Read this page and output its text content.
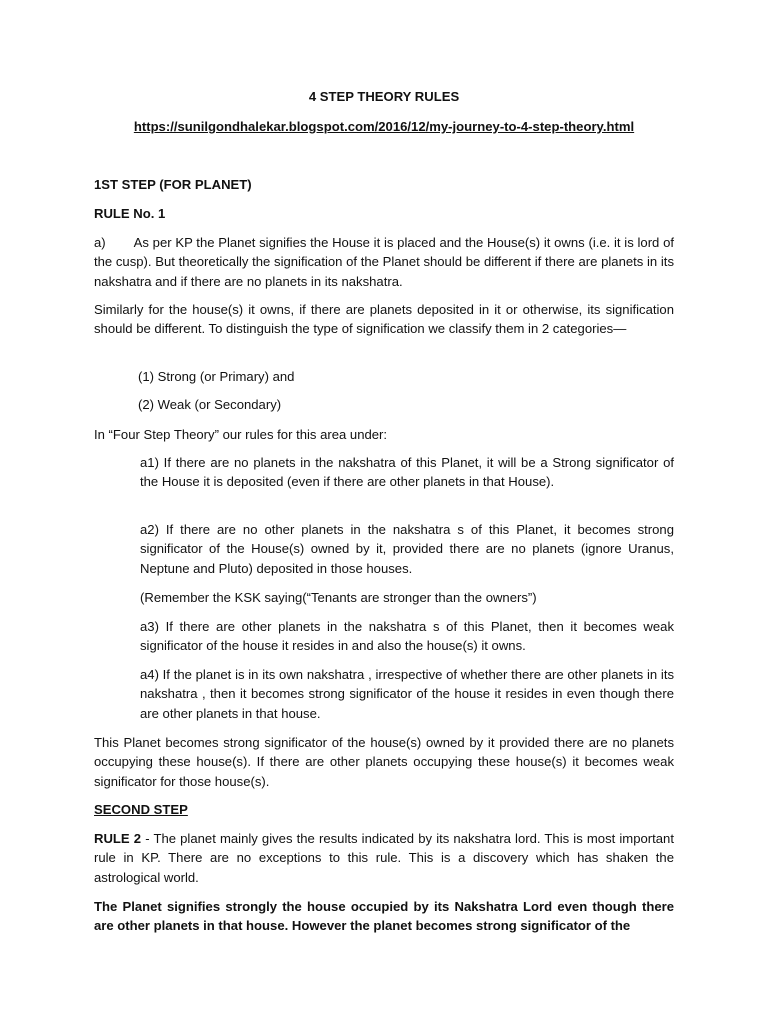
4 STEP THEORY RULES

https://sunilgondhalekar.blogspot.com/2016/12/my-journey-to-4-step-theory.html

1ST STEP (FOR PLANET)

RULE No. 1

a) As per KP the Planet signifies the House it is placed and the House(s) it owns (i.e. it is lord of the cusp). But theoretically the signification of the Planet should be different if there are planets in its nakshatra and if there are no planets in its nakshatra.

Similarly for the house(s) it owns, if there are planets deposited in it or otherwise, its signification should be different. To distinguish the type of signification we classify them in 2 categories—

(1) Strong (or Primary) and

(2) Weak (or Secondary)

In “Four Step Theory” our rules for this area under:

a1) If there are no planets in the nakshatra of this Planet, it will be a Strong significator of the House it is deposited (even if there are other planets in that House).

a2) If there are no other planets in the nakshatra s of this Planet, it becomes strong significator of the House(s) owned by it, provided there are no planets (ignore Uranus, Neptune and Pluto) deposited in those houses.

(Remember the KSK saying(“Tenants are stronger than the owners”)

a3) If there are other planets in the nakshatra s of this Planet, then it becomes weak significator of the house it resides in and also the house(s) it owns.

a4) If the planet is in its own nakshatra , irrespective of whether there are other planets in its nakshatra , then it becomes strong significator of the house it resides in even though there are other planets in that house.

This Planet becomes strong significator of the house(s) owned by it provided there are no planets occupying these house(s). If there are other planets occupying these house(s) it becomes weak significator for those house(s).

SECOND STEP

RULE 2 - The planet mainly gives the results indicated by its nakshatra lord. This is most important rule in KP. There are no exceptions to this rule. This is a discovery which has shaken the astrological world.

The Planet signifies strongly the house occupied by its Nakshatra Lord even though there are other planets in that house. However the planet becomes strong significator of the
